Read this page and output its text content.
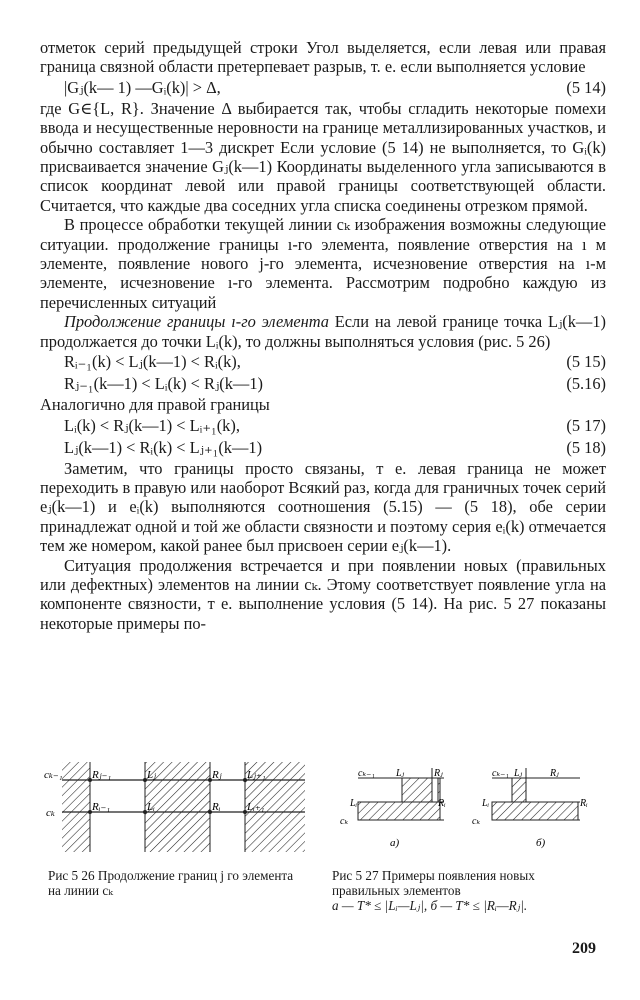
отметок серий предыдущей строки Угол выделяется, если левая или правая граница связной области претерпевает разрыв, т. е. если выполняется условие

|Gⱼ(k— 1) —Gᵢ(k)| > Δ,	(5 14)

где G∈{L, R}. Значение Δ выбирается так, чтобы сгладить некоторые помехи ввода и несущественные неровности на границе металлизированных участков, и обычно составляет 1—3 дискрет Если условие (5 14) не выполняется, то Gᵢ(k) присваивается значение Gⱼ(k—1) Координаты выделенного угла записываются в список координат левой или правой границы соответствующей области. Считается, что каждые два соседних угла списка соединены отрезком прямой.

В процессе обработки текущей линии cₖ изображения возможны следующие ситуации. продолжение границы ı-го элемента, появление отверстия на ı м элементе, появление нового j-го элемента, исчезновение отверстия на ı-м элементе, исчезновение ı-го элемента. Рассмотрим подробно каждую из перечисленных ситуаций

Продолжение границы ı-го элемента Если на левой границе точка Lⱼ(k—1) продолжается до точки Lᵢ(k), то должны выполняться условия (рис. 5 26)

Rᵢ₋₁(k) < Lⱼ(k—1) < Rᵢ(k),	(5 15)
Rⱼ₋₁(k—1) < Lᵢ(k) < Rⱼ(k—1)	(5.16)

Аналогично для правой границы

Lᵢ(k) < Rⱼ(k—1) < Lᵢ₊₁(k),	(5 17)
Lⱼ(k—1) < Rᵢ(k) < Lⱼ₊₁(k—1)	(5 18)

Заметим, что границы просто связаны, т е. левая граница не может переходить в правую или наоборот Всякий раз, когда для граничных точек серий eⱼ(k—1) и eᵢ(k) выполняются соотношения (5.15) — (5 18), обе серии принадлежат одной и той же области связности и поэтому серия eᵢ(k) отмечается тем же номером, какой ранее был присвоен серии eⱼ(k—1).

Ситуация продолжения встречается и при появлении новых (правильных или дефектных) элементов на линии cₖ. Этому соответствует появление угла на компоненте связности, т е. выполнение условия (5 14). На рис. 5 27 показаны некоторые примеры по-

cₖ₋₁
cₖ
Rⱼ₋₁	Lⱼ	Rⱼ Lⱼ₊₁
Rᵢ₋₁	Lᵢ	Rᵢ Lᵢ₊₁
cₖ₋₁ Lⱼ	Rⱼ
Lᵢ	Rᵢ
cₖ
а)
cₖ₋₁ Lⱼ	Rⱼ
Lᵢ	Rᵢ
cₖ
б)
Рис 5 26 Продолжение границ j го элемента на линии cₖ
Рис 5 27 Примеры появления новых правильных элементов
а — T* ≤ |Lᵢ—Lⱼ|, б — T* ≤ |Rᵢ—Rⱼ|.
209
